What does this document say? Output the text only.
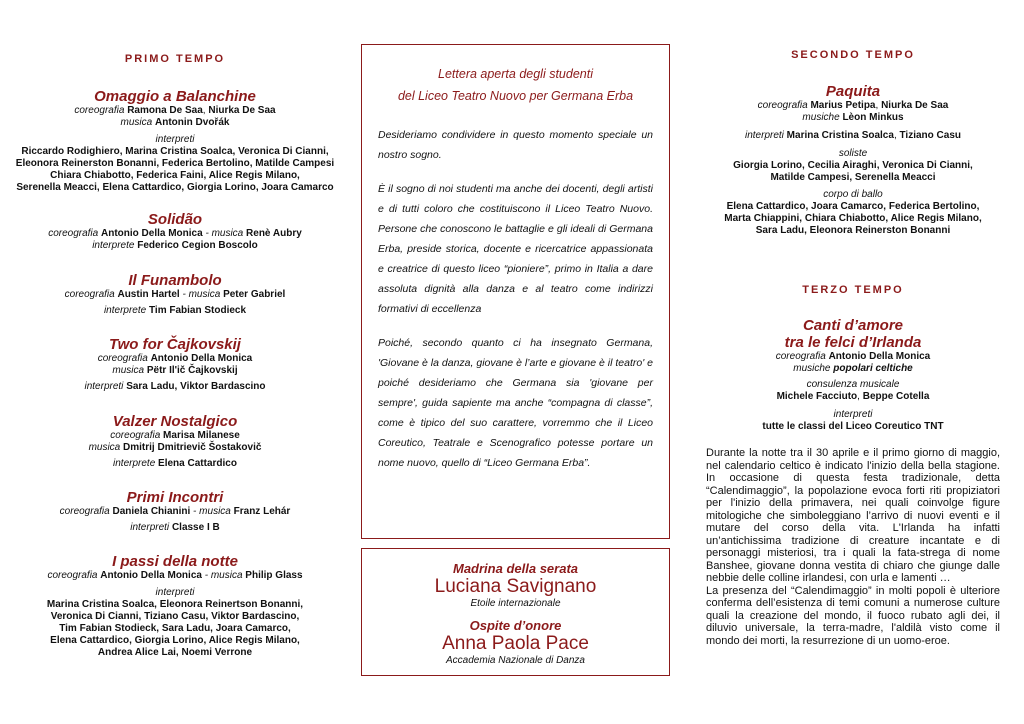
PRIMO TEMPO
Omaggio a Balanchine
coreografia Ramona De Saa, Niurka De Saa
musica Antonin Dvořák
interpreti
Riccardo Rodighiero, Marina Cristina Soalca, Veronica Di Cianni,
Eleonora Reinerston Bonanni, Federica Bertolino, Matilde Campesi
Chiara Chiabotto, Federica Faini, Alice Regis Milano,
Serenella Meacci, Elena Cattardico, Giorgia Lorino, Joara Camarco
Solidão
coreografia Antonio Della Monica - musica Renè Aubry
interprete Federico Cegion Boscolo
Il Funambolo
coreografia Austin Hartel - musica Peter Gabriel
interprete Tim Fabian Stodieck
Two for Čajkovskij
coreografia Antonio Della Monica
musica Pëtr Il'ič Čajkovskij
interpreti Sara Ladu, Viktor Bardascino
Valzer Nostalgico
coreografia Marisa Milanese
musica Dmitrij Dmitrievič Šostakovič
interprete Elena Cattardico
Primi Incontri
coreografia Daniela Chianini - musica Franz Lehár
interpreti Classe I B
I passi della notte
coreografia Antonio Della Monica - musica Philip Glass
interpreti
Marina Cristina Soalca, Eleonora Reinertson Bonanni,
Veronica Di Cianni, Tiziano Casu, Viktor Bardascino,
Tim Fabian Stodieck, Sara Ladu, Joara Camarco,
Elena Cattardico, Giorgia Lorino, Alice Regis Milano,
Andrea Alice Lai, Noemi Verrone
Lettera aperta degli studenti
del Liceo Teatro Nuovo per Germana Erba

Desideriamo condividere in questo momento speciale un nostro sogno.

È il sogno di noi studenti ma anche dei docenti, degli artisti e di tutti coloro che costituiscono il Liceo Teatro Nuovo. Persone che conoscono le battaglie e gli ideali di Germana Erba, preside storica, docente e ricercatrice appassionata e creatrice di questo liceo “pioniere”, primo in Italia a dare assoluta dignità alla danza e al teatro come indirizzi formativi di eccellenza

Poiché, secondo quanto ci ha insegnato Germana, 'Giovane è la danza, giovane è l’arte e giovane è il teatro' e poiché desideriamo che Germana sia 'giovane per sempre', guida sapiente ma anche “compagna di classe”, come è tipico del suo carattere, vorremmo che il Liceo Coreutico, Teatrale e Scenografico potesse portare un nome nuovo, quello di “Liceo Germana Erba”.

Madrina della serata
Luciana Savignano
Etoile internazionale
Ospite d’onore
Anna Paola Pace
Accademia Nazionale di Danza
SECONDO TEMPO
Paquita
coreografia Marius Petipa, Niurka De Saa
musiche Lèon Minkus
interpreti Marina Cristina Soalca, Tiziano Casu
soliste
Giorgia Lorino, Cecilia Airaghi, Veronica Di Cianni,
Matilde Campesi, Serenella Meacci
corpo di ballo
Elena Cattardico, Joara Camarco, Federica Bertolino,
Marta Chiappini, Chiara Chiabotto, Alice Regis Milano,
Sara Ladu, Eleonora Reinerston Bonanni
TERZO TEMPO
Canti d’amore
tra le felci d’Irlanda
coreografia Antonio Della Monica
musiche popolari celtiche
consulenza musicale
Michele Facciuto, Beppe Cotella
interpreti
tutte le classi del Liceo Coreutico TNT

Durante la notte tra il 30 aprile e il primo giorno di maggio, nel calendario celtico è indicato l'inizio della bella stagione. In occasione di questa festa tradizionale, detta “Calendimaggio”, la popolazione evoca forti riti propiziatori per l'inizio della primavera, nei quali coinvolge figure mitologiche che simboleggiano l’arrivo di nuovi eventi e il mutare del corso della vita. L'Irlanda ha infatti un’antichissima tradizione di creature incantate e di personaggi misteriosi, tra i quali la fata-strega di nome Banshee, giovane donna vestita di chiaro che giunge dalle nebbie delle colline irlandesi, con urla e lamenti …

La presenza del “Calendimaggio” in molti popoli è ulteriore conferma dell’esistenza di temi comuni a numerose culture quali la creazione del mondo, il fuoco rubato agli dei, il diluvio universale, la terra-madre, l'aldilà visto come il mondo dei morti, la resurrezione di un uomo-eroe.
